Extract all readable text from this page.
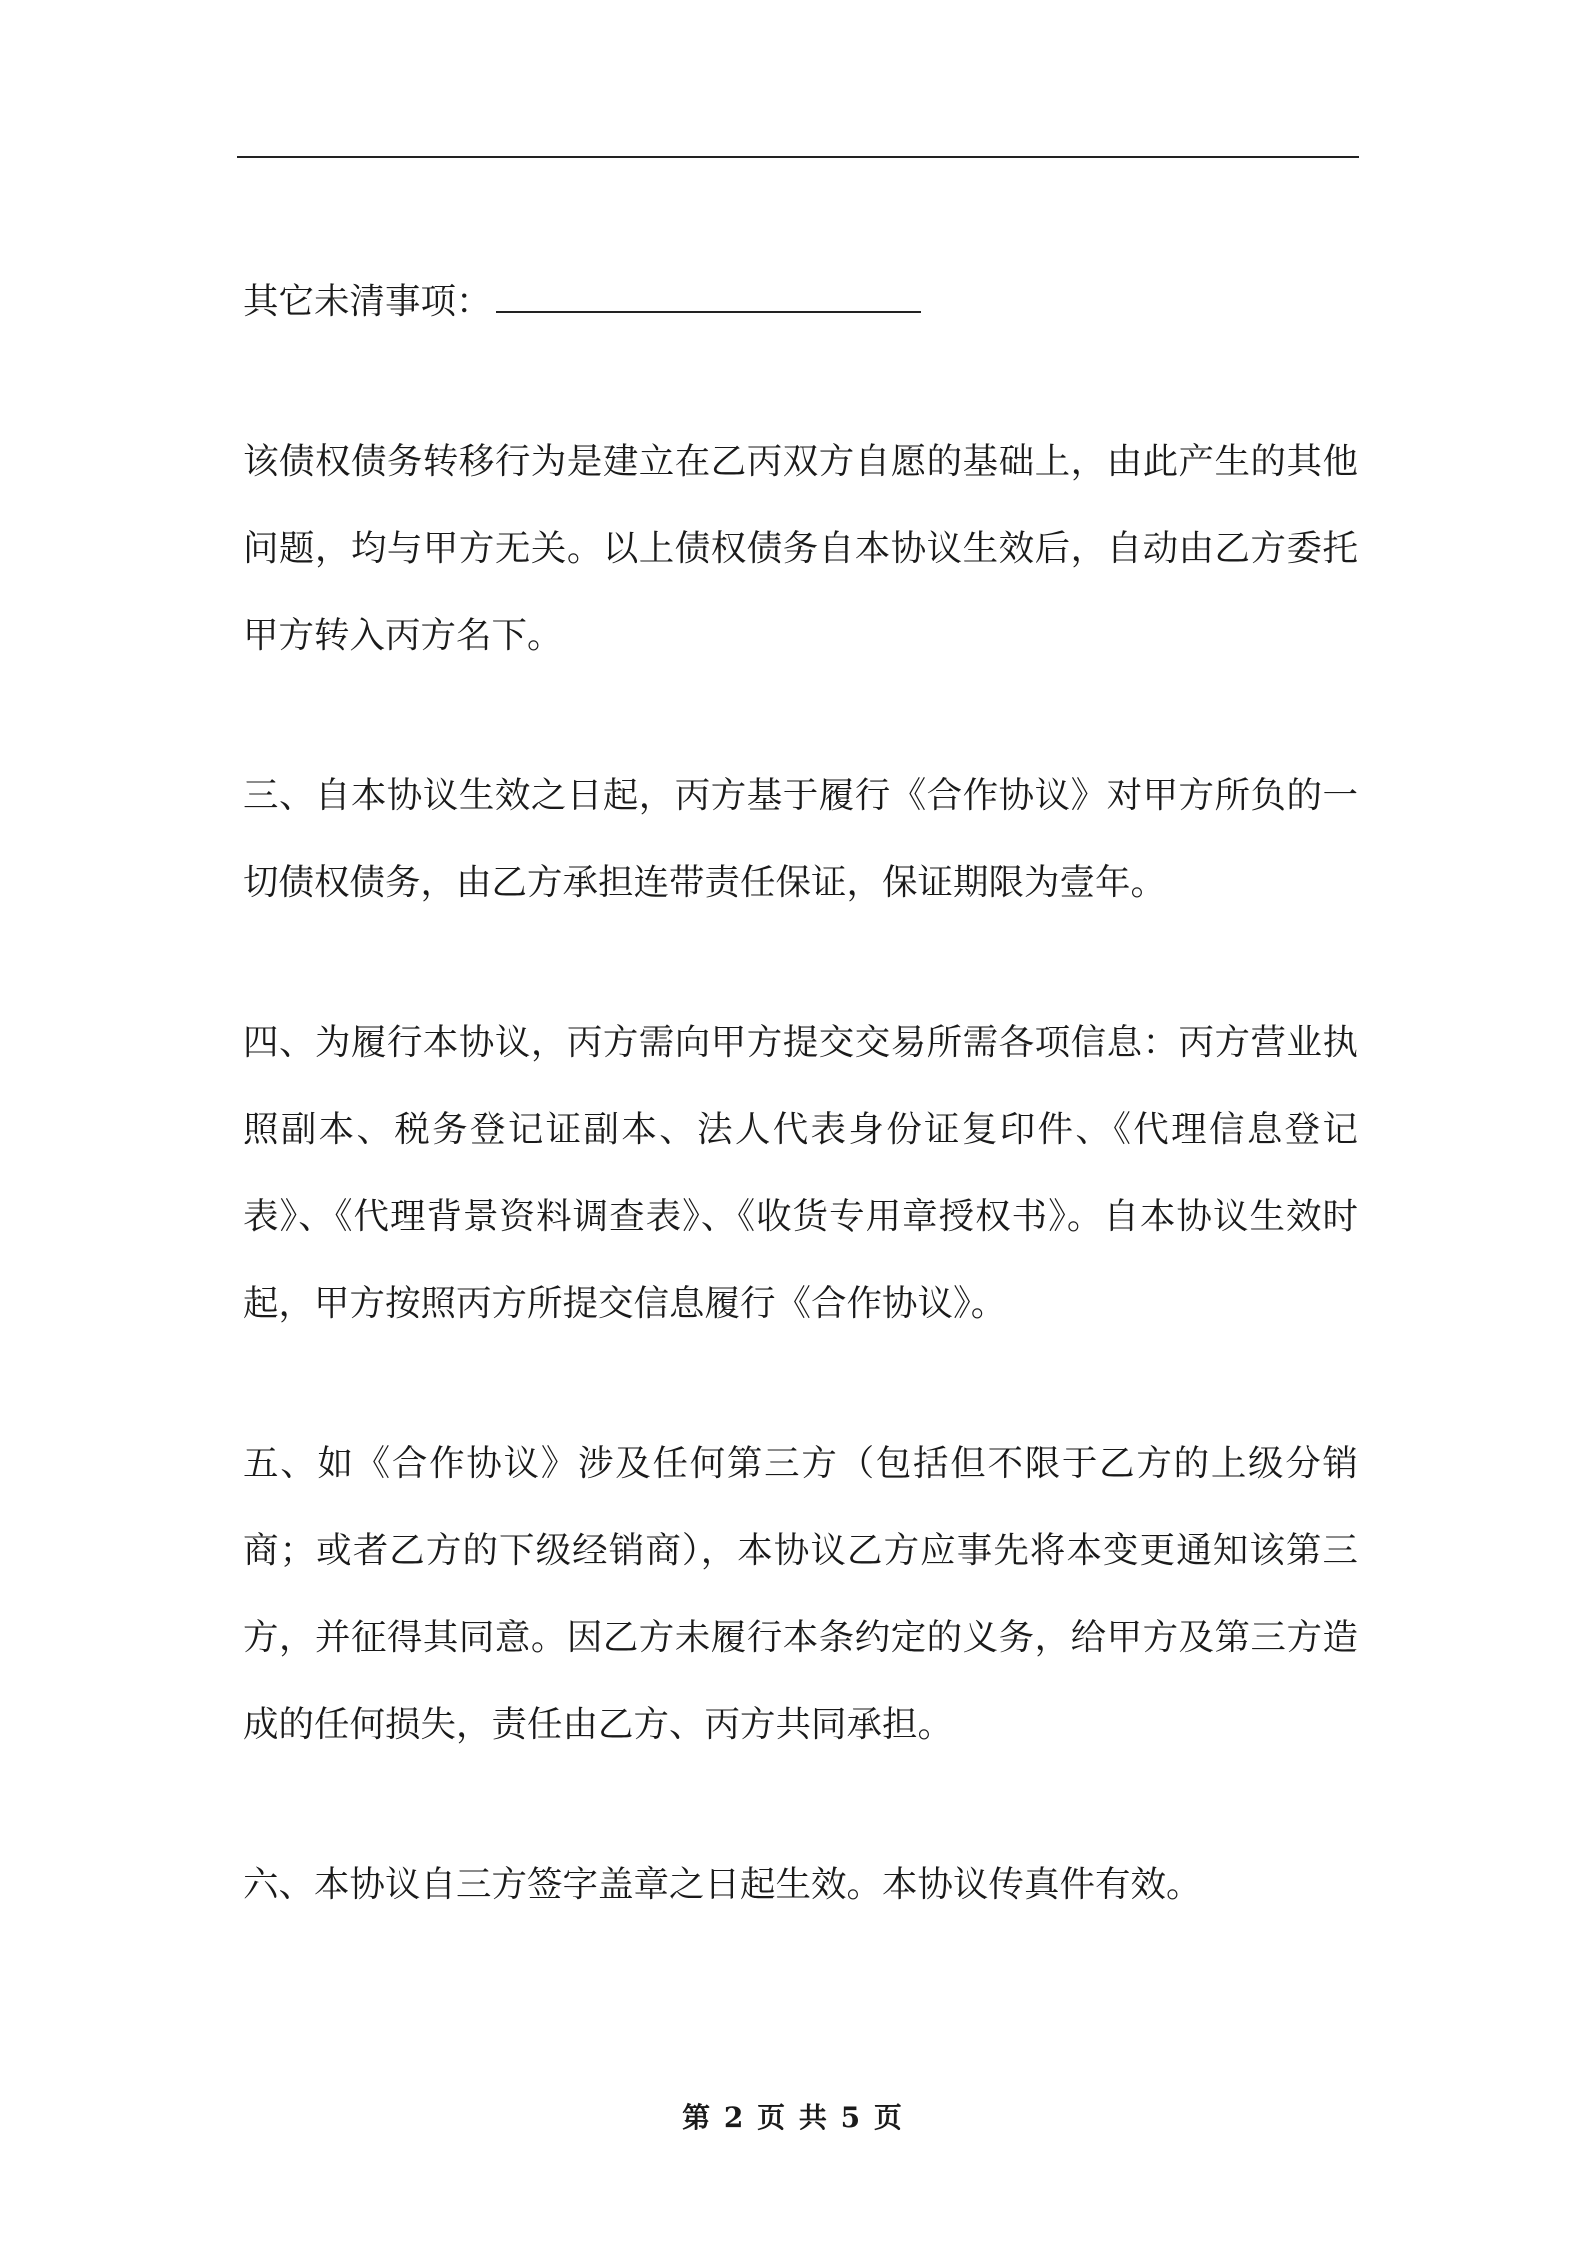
其它未清事项：

该债权债务转移行为是建立在乙丙双方自愿的基础上，由此产生的其他问题，均与甲方无关。以上债权债务自本协议生效后，自动由乙方委托甲方转入丙方名下。

三、自本协议生效之日起，丙方基于履行《合作协议》对甲方所负的一切债权债务，由乙方承担连带责任保证，保证期限为壹年。

四、为履行本协议，丙方需向甲方提交交易所需各项信息：丙方营业执照副本、税务登记证副本、法人代表身份证复印件、《代理信息登记表》、《代理背景资料调查表》、《收货专用章授权书》。自本协议生效时起，甲方按照丙方所提交信息履行《合作协议》。

五、如《合作协议》涉及任何第三方（包括但不限于乙方的上级分销商；或者乙方的下级经销商），本协议乙方应事先将本变更通知该第三方，并征得其同意。因乙方未履行本条约定的义务，给甲方及第三方造成的任何损失，责任由乙方、丙方共同承担。

六、本协议自三方签字盖章之日起生效。本协议传真件有效。

第 2 页 共 5 页
